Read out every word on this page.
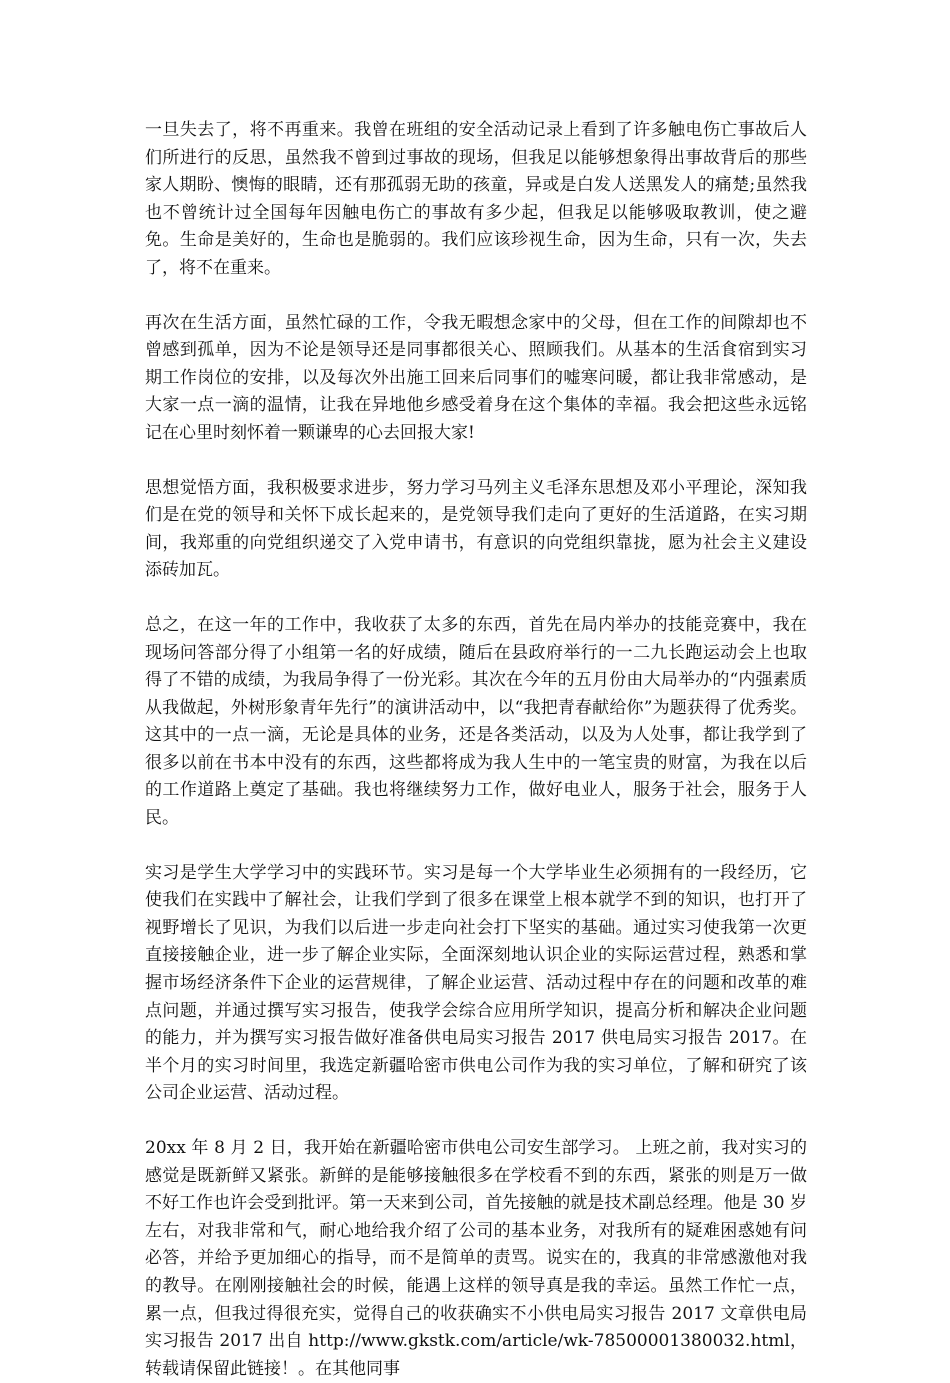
一旦失去了，将不再重来。我曾在班组的安全活动记录上看到了许多触电伤亡事故后人们所进行的反思，虽然我不曾到过事故的现场，但我足以能够想象得出事故背后的那些家人期盼、懊悔的眼睛，还有那孤弱无助的孩童，异或是白发人送黑发人的痛楚;虽然我也不曾统计过全国每年因触电伤亡的事故有多少起，但我足以能够吸取教训，使之避免。生命是美好的，生命也是脆弱的。我们应该珍视生命，因为生命，只有一次，失去了，将不在重来。

再次在生活方面，虽然忙碌的工作，令我无暇想念家中的父母，但在工作的间隙却也不曾感到孤单，因为不论是领导还是同事都很关心、照顾我们。从基本的生活食宿到实习期工作岗位的安排，以及每次外出施工回来后同事们的嘘寒问暖，都让我非常感动，是大家一点一滴的温情，让我在异地他乡感受着身在这个集体的幸福。我会把这些永远铭记在心里时刻怀着一颗谦卑的心去回报大家!

思想觉悟方面，我积极要求进步，努力学习马列主义毛泽东思想及邓小平理论，深知我们是在党的领导和关怀下成长起来的，是党领导我们走向了更好的生活道路，在实习期间，我郑重的向党组织递交了入党申请书，有意识的向党组织靠拢，愿为社会主义建设添砖加瓦。

总之，在这一年的工作中，我收获了太多的东西，首先在局内举办的技能竞赛中，我在现场问答部分得了小组第一名的好成绩，随后在县政府举行的一二九长跑运动会上也取得了不错的成绩，为我局争得了一份光彩。其次在今年的五月份由大局举办的“内强素质从我做起，外树形象青年先行”的演讲活动中，以“我把青春献给你”为题获得了优秀奖。这其中的一点一滴，无论是具体的业务，还是各类活动，以及为人处事，都让我学到了很多以前在书本中没有的东西，这些都将成为我人生中的一笔宝贵的财富，为我在以后的工作道路上奠定了基础。我也将继续努力工作，做好电业人，服务于社会，服务于人民。

实习是学生大学学习中的实践环节。实习是每一个大学毕业生必须拥有的一段经历，它使我们在实践中了解社会，让我们学到了很多在课堂上根本就学不到的知识，也打开了视野增长了见识，为我们以后进一步走向社会打下坚实的基础。通过实习使我第一次更直接接触企业，进一步了解企业实际，全面深刻地认识企业的实际运营过程，熟悉和掌握市场经济条件下企业的运营规律，了解企业运营、活动过程中存在的问题和改革的难点问题，并通过撰写实习报告，使我学会综合应用所学知识，提高分析和解决企业问题的能力，并为撰写实习报告做好准备供电局实习报告 2017 供电局实习报告 2017。在半个月的实习时间里，我选定新疆哈密市供电公司作为我的实习单位，了解和研究了该公司企业运营、活动过程。

20xx 年 8 月 2 日，我开始在新疆哈密市供电公司安生部学习。 上班之前，我对实习的感觉是既新鲜又紧张。新鲜的是能够接触很多在学校看不到的东西，紧张的则是万一做不好工作也许会受到批评。第一天来到公司，首先接触的就是技术副总经理。他是 30 岁左右，对我非常和气，耐心地给我介绍了公司的基本业务，对我所有的疑难困惑她有问必答，并给予更加细心的指导，而不是简单的责骂。说实在的，我真的非常感激他对我的教导。在刚刚接触社会的时候，能遇上这样的领导真是我的幸运。虽然工作忙一点，累一点，但我过得很充实，觉得自己的收获确实不小供电局实习报告 2017 文章供电局实习报告 2017 出自 http://www.gkstk.com/article/wk-78500001380032.html，转载请保留此链接！。在其他同事
